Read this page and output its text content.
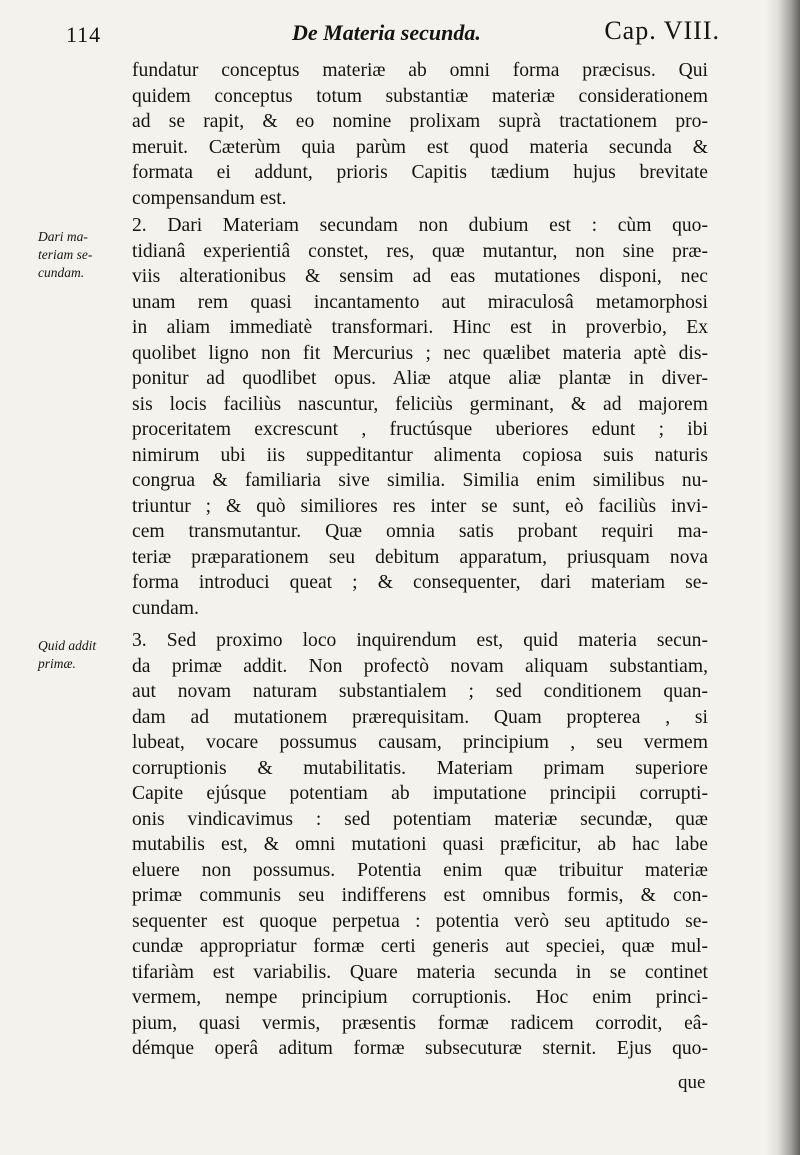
114	De Materia secunda.	Cap. VIII.
fundatur conceptus materiæ ab omni forma præcisus. Qui
quidem conceptus totum substantiæ materiæ considerationem
ad se rapit, & eo nomine prolixam suprà tractationem pro-
meruit. Cæterùm quia parùm est quod materia secunda &
formata ei addunt, prioris Capitis tædium hujus brevitate
compensandum est.
Dari ma-
teriam se-
cundam.
2. Dari Materiam secundam non dubium est : cùm quo-
tidianâ experientiâ constet, res, quæ mutantur, non sine præ-
viis alterationibus & sensim ad eas mutationes disponi, nec
unam rem quasi incantamento aut miraculosâ metamorphosi
in aliam immediatè transformari. Hinc est in proverbio, Ex
quolibet ligno non fit Mercurius ; nec quælibet materia aptè dis-
ponitur ad quodlibet opus. Aliæ atque aliæ plantæ in diver-
sis locis faciliùs nascuntur, feliciùs germinant, & ad majorem
proceritatem excrescunt , fructúsque uberiores edunt ; ibi
nimirum ubi iis suppeditantur alimenta copiosa suis naturis
congrua & familiaria sive similia. Similia enim similibus nu-
triuntur ; & quò similiores res inter se sunt, eò faciliùs invi-
cem transmutantur. Quæ omnia satis probant requiri ma-
teriæ præparationem seu debitum apparatum, priusquam nova
forma introduci queat ; & consequenter, dari materiam se-
cundam.
Quid addit
primæ.
3. Sed proximo loco inquirendum est, quid materia secun-
da primæ addit. Non profectò novam aliquam substantiam,
aut novam naturam substantialem ; sed conditionem quan-
dam ad mutationem prærequisitam. Quam propterea , si
lubeat, vocare possumus causam, principium , seu vermem
corruptionis & mutabilitatis. Materiam primam superiore
Capite ejúsque potentiam ab imputatione principii corrupti-
onis vindicavimus : sed potentiam materiæ secundæ, quæ
mutabilis est, & omni mutationi quasi præficitur, ab hac labe
eluere non possumus. Potentia enim quæ tribuitur materiæ
primæ communis seu indifferens est omnibus formis, & con-
sequenter est quoque perpetua : potentia verò seu aptitudo se-
cundæ appropriatur formæ certi generis aut speciei, quæ mul-
tifariàm est variabilis. Quare materia secunda in se continet
vermem, nempe principium corruptionis. Hoc enim princi-
pium, quasi vermis, præsentis formæ radicem corrodit, eâ-
démque operâ aditum formæ subsecuturæ sternit. Ejus quo-
que
